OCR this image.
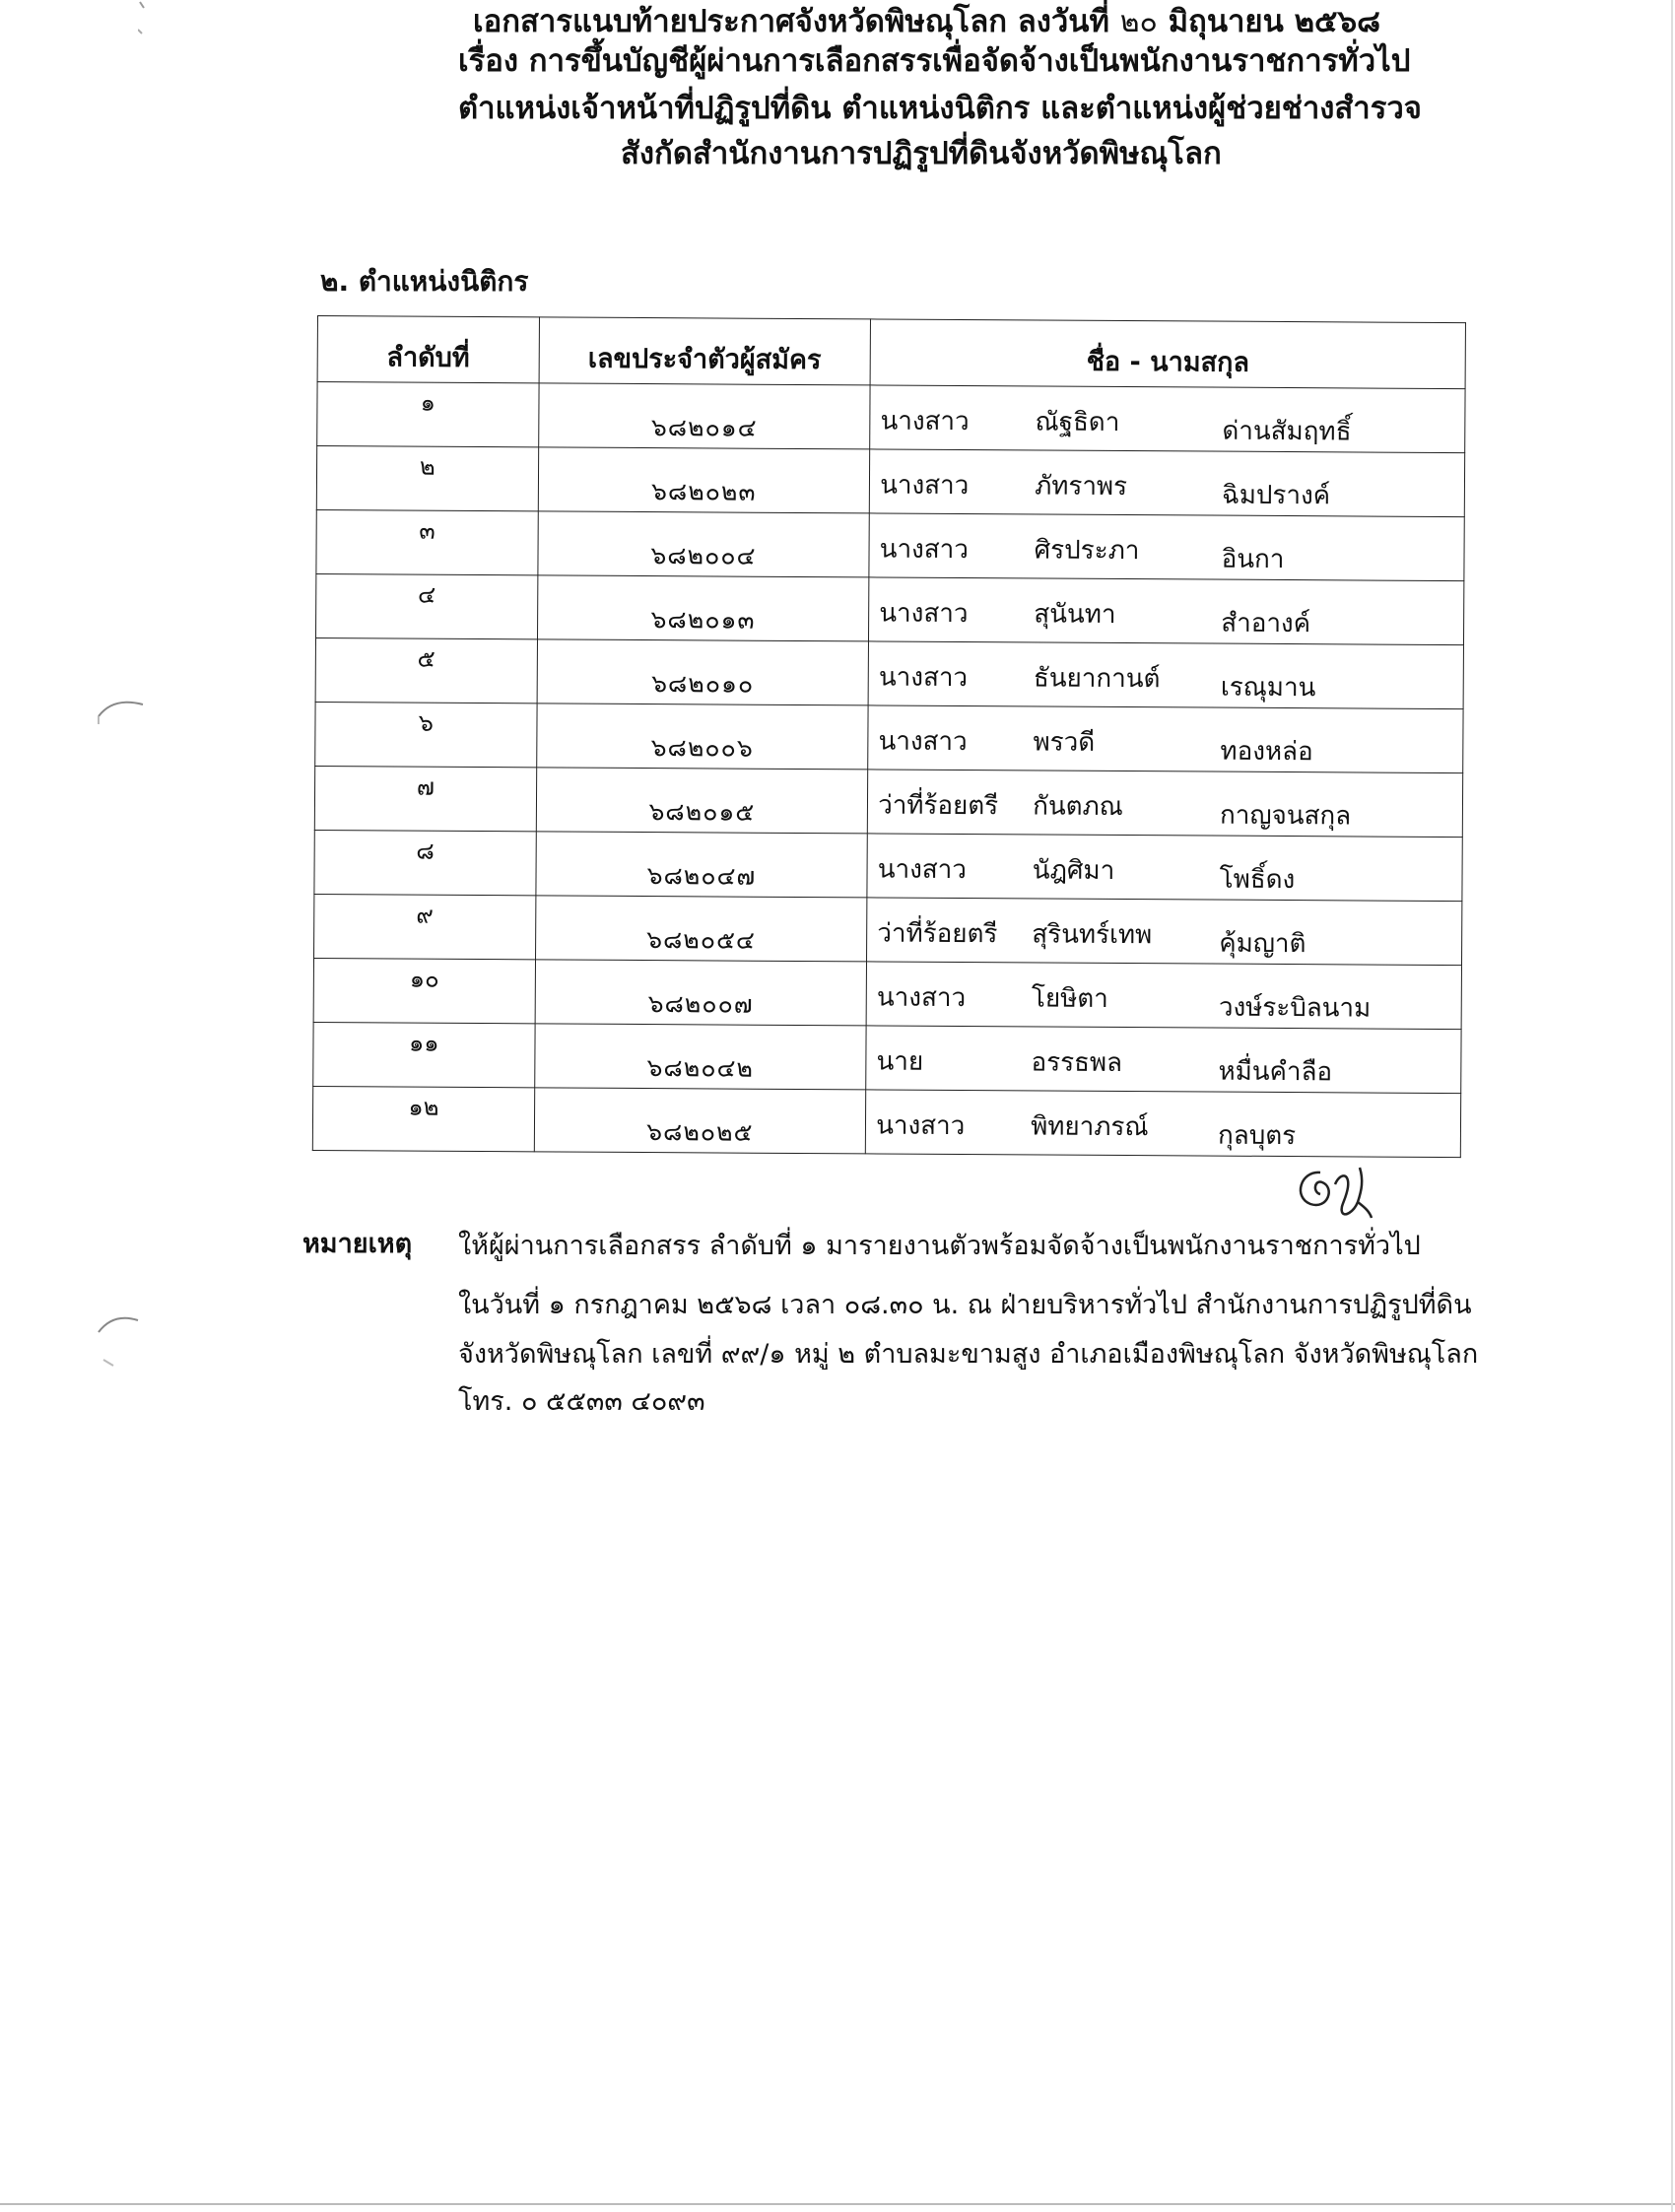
เอกสารแนบท้ายประกาศจังหวัดพิษณุโลก ลงวันที่ ๒๐ มิถุนายน ๒๕๖๘
เรื่อง การขึ้นบัญชีผู้ผ่านการเลือกสรรเพื่อจัดจ้างเป็นพนักงานราชการทั่วไป
ตำแหน่งเจ้าหน้าที่ปฏิรูปที่ดิน ตำแหน่งนิติกร และตำแหน่งผู้ช่วยช่างสำรวจ
สังกัดสำนักงานการปฏิรูปที่ดินจังหวัดพิษณุโลก
๒. ตำแหน่งนิติกร
ลำดับที่	เลขประจำตัวผู้สมัคร	ชื่อ - นามสกุล
๑	๖๘๒๐๑๔	นางสาว ณัฐธิดา ด่านสัมฤทธิ์

๒	๖๘๒๐๒๓	นางสาว ภัทราพร ฉิมปรางค์

๓	๖๘๒๐๐๔	นางสาว ศิรประภา อินกา

๔	๖๘๒๐๑๓	นางสาว สุนันทา สำอางค์

๕	๖๘๒๐๑๐	นางสาว ธันยากานต์ เรณุมาน

๖	๖๘๒๐๐๖	นางสาว พรวดี ทองหล่อ

๗	๖๘๒๐๑๕	ว่าที่ร้อยตรี กันตภณ กาญจนสกุล

๘	๖๘๒๐๔๗	นางสาว นัฎศิมา โพธิ์ดง

๙	๖๘๒๐๕๔	ว่าที่ร้อยตรี สุรินทร์เทพ คุ้มญาติ

๑๐	๖๘๒๐๐๗	นางสาว โยษิตา วงษ์ระบิลนาม

๑๑	๖๘๒๐๔๒	นาย อรรธพล หมื่นคำลือ

๑๒	๖๘๒๐๒๕	นางสาว พิทยาภรณ์ กุลบุตร
หมายเหตุ ให้ผู้ผ่านการเลือกสรร ลำดับที่ ๑ มารายงานตัวพร้อมจัดจ้างเป็นพนักงานราชการทั่วไป
ในวันที่ ๑ กรกฎาคม ๒๕๖๘ เวลา ๐๘.๓๐ น. ณ ฝ่ายบริหารทั่วไป สำนักงานการปฏิรูปที่ดิน
จังหวัดพิษณุโลก เลขที่ ๙๙/๑ หมู่ ๒ ตำบลมะขามสูง อำเภอเมืองพิษณุโลก จังหวัดพิษณุโลก
โทร. ๐ ๕๕๓๓ ๔๐๙๓
